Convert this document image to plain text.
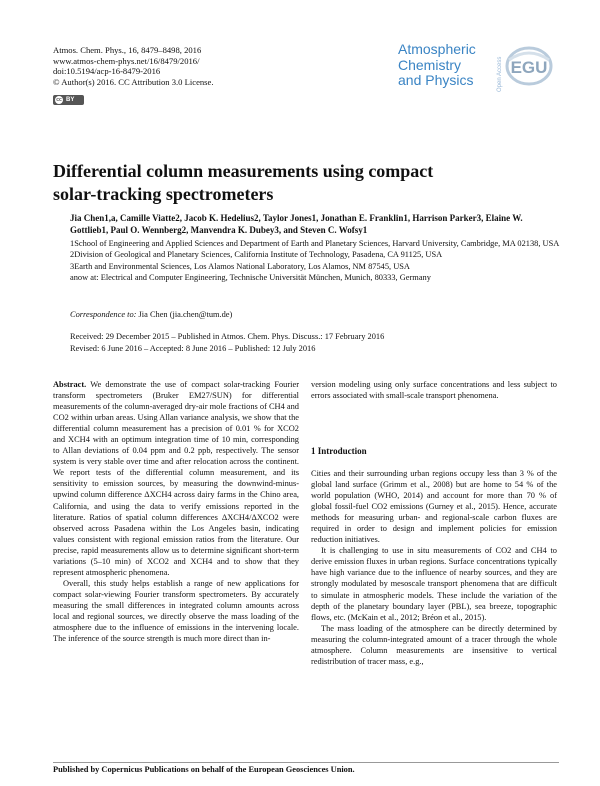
Atmos. Chem. Phys., 16, 8479–8498, 2016
www.atmos-chem-phys.net/16/8479/2016/
doi:10.5194/acp-16-8479-2016
© Author(s) 2016. CC Attribution 3.0 License.
cc BY
Atmospheric
Chemistry
and Physics	Open Access EGU
Differential column measurements using compact solar-tracking spectrometers
Jia Chen1,a, Camille Viatte2, Jacob K. Hedelius2, Taylor Jones1, Jonathan E. Franklin1, Harrison Parker3, Elaine W. Gottlieb1, Paul O. Wennberg2, Manvendra K. Dubey3, and Steven C. Wofsy1
1School of Engineering and Applied Sciences and Department of Earth and Planetary Sciences, Harvard University, Cambridge, MA 02138, USA
2Division of Geological and Planetary Sciences, California Institute of Technology, Pasadena, CA 91125, USA
3Earth and Environmental Sciences, Los Alamos National Laboratory, Los Alamos, NM 87545, USA
anow at: Electrical and Computer Engineering, Technische Universität München, Munich, 80333, Germany
Correspondence to: Jia Chen (jia.chen@tum.de)
Received: 29 December 2015 – Published in Atmos. Chem. Phys. Discuss.: 17 February 2016
Revised: 6 June 2016 – Accepted: 8 June 2016 – Published: 12 July 2016

Abstract. We demonstrate the use of compact solar-tracking Fourier transform spectrometers (Bruker EM27/SUN) for differential measurements of the column-averaged dry-air mole fractions of CH4 and CO2 within urban areas. Using Allan variance analysis, we show that the differential column measurement has a precision of 0.01 % for XCO2 and XCH4 with an optimum integration time of 10 min, corresponding to Allan deviations of 0.04 ppm and 0.2 ppb, respectively. The sensor system is very stable over time and after relocation across the continent. We report tests of the differential column measurement, and its sensitivity to emission sources, by measuring the downwind-minus-upwind column difference ΔXCH4 across dairy farms in the Chino area, California, and using the data to verify emissions reported in the literature. Ratios of spatial column differences ΔXCH4/ΔXCO2 were observed across Pasadena within the Los Angeles basin, indicating values consistent with regional emission ratios from the literature. Our precise, rapid measurements allow us to determine significant short-term variations (5–10 min) of XCO2 and XCH4 and to show that they represent atmospheric phenomena.

Overall, this study helps establish a range of new applications for compact solar-viewing Fourier transform spectrometers. By accurately measuring the small differences in integrated column amounts across local and regional sources, we directly observe the mass loading of the atmosphere due to the influence of emissions in the intervening locale. The inference of the source strength is much more direct than in-

version modeling using only surface concentrations and less subject to errors associated with small-scale transport phenomena.
1 Introduction

Cities and their surrounding urban regions occupy less than 3 % of the global land surface (Grimm et al., 2008) but are home to 54 % of the world population (WHO, 2014) and account for more than 70 % of global fossil-fuel CO2 emissions (Gurney et al., 2015). Hence, accurate methods for measuring urban- and regional-scale carbon fluxes are required in order to design and implement policies for emission reduction initiatives.

It is challenging to use in situ measurements of CO2 and CH4 to derive emission fluxes in urban regions. Surface concentrations typically have high variance due to the influence of nearby sources, and they are strongly modulated by mesoscale transport phenomena that are difficult to simulate in atmospheric models. These include the variation of the depth of the planetary boundary layer (PBL), sea breeze, topographic flows, etc. (McKain et al., 2012; Bréon et al., 2015).

The mass loading of the atmosphere can be directly determined by measuring the column-integrated amount of a tracer through the whole atmosphere. Column measurements are insensitive to vertical redistribution of tracer mass, e.g.,

Published by Copernicus Publications on behalf of the European Geosciences Union.
